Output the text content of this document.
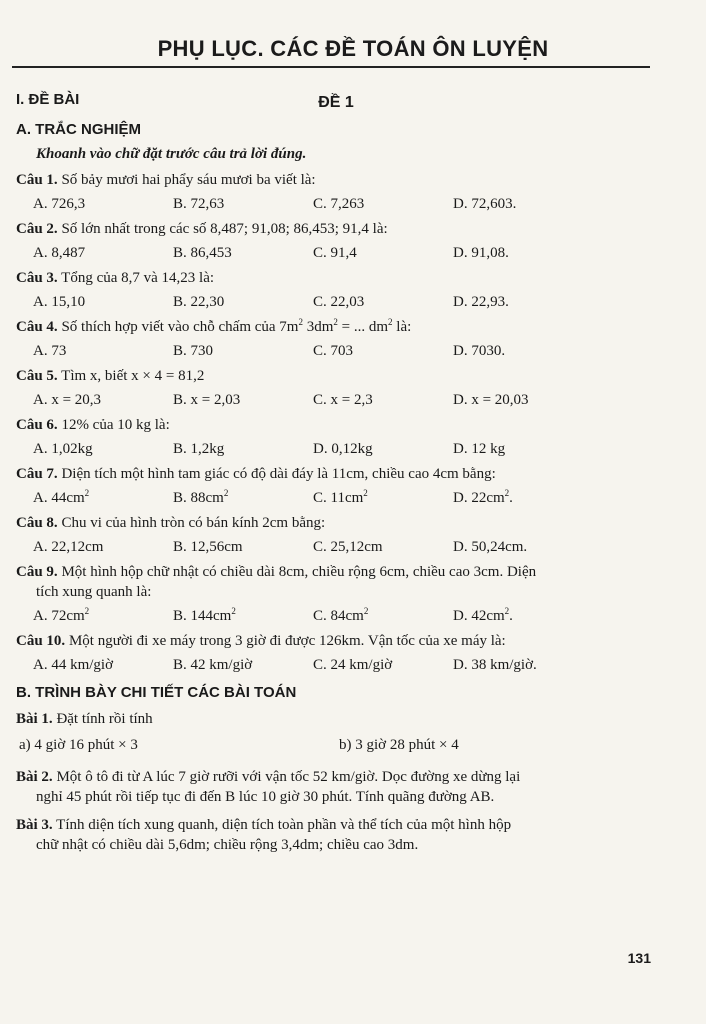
PHỤ LỤC. CÁC ĐỀ TOÁN ÔN LUYỆN
I. ĐỀ BÀI	ĐỀ 1
A. TRẮC NGHIỆM
Khoanh vào chữ đặt trước câu trả lời đúng.
Câu 1. Số bảy mươi hai phẩy sáu mươi ba viết là:
A. 726,3	B. 72,63	C. 7,263	D. 72,603.
Câu 2. Số lớn nhất trong các số 8,487; 91,08; 86,453; 91,4 là:
A. 8,487	B. 86,453	C. 91,4	D. 91,08.
Câu 3. Tổng của 8,7 và 14,23 là:
A. 15,10	B. 22,30	C. 22,03	D. 22,93.
Câu 4. Số thích hợp viết vào chỗ chấm của $7m^2$ $3dm^2$ = ... $dm^2$ là:
A. 73	B. 730	C. 703	D. 7030.
Câu 5. Tìm x, biết x × 4 = 81,2
A. x = 20,3	B. x = 2,03	C. x = 2,3	D. x = 20,03
Câu 6. 12% của 10 kg là:
A. 1,02kg	B. 1,2kg	D. 0,12kg	D. 12 kg
Câu 7. Diện tích một hình tam giác có độ dài đáy là 11cm, chiều cao 4cm bằng:
A. $44cm^2$	B. $88cm^2$	C. $11cm^2$	D. $22cm^2$.
Câu 8. Chu vi của hình tròn có bán kính 2cm bằng:
A. 22,12cm	B. 12,56cm	C. 25,12cm	D. 50,24cm.
Câu 9. Một hình hộp chữ nhật có chiều dài 8cm, chiều rộng 6cm, chiều cao 3cm. Diện
tích xung quanh là:
A. $72cm^2$	B. $144cm^2$	C. $84cm^2$	D. $42cm^2$.
Câu 10. Một người đi xe máy trong 3 giờ đi được 126km. Vận tốc của xe máy là:
A. 44 km/giờ	B. 42 km/giờ	C. 24 km/giờ	D. 38 km/giờ.
B. TRÌNH BÀY CHI TIẾT CÁC BÀI TOÁN
Bài 1. Đặt tính rồi tính
a) 4 giờ 16 phút × 3	b) 3 giờ 28 phút × 4
Bài 2. Một ô tô đi từ A lúc 7 giờ rưỡi với vận tốc 52 km/giờ. Dọc đường xe dừng lại
nghỉ 45 phút rồi tiếp tục đi đến B lúc 10 giờ 30 phút. Tính quãng đường AB.
Bài 3. Tính diện tích xung quanh, diện tích toàn phần và thể tích của một hình hộp
chữ nhật có chiều dài 5,6dm; chiều rộng 3,4dm; chiều cao 3dm.
131
